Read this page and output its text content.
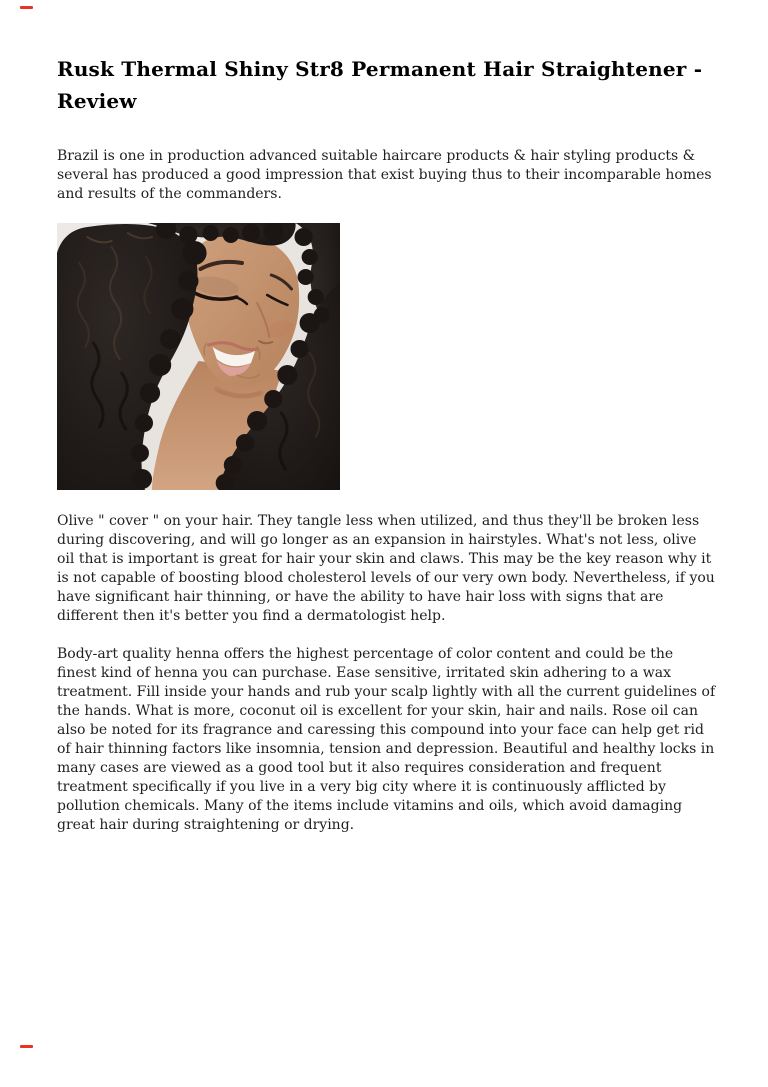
Rusk Thermal Shiny Str8 Permanent Hair Straightener - Review

Brazil is one in production advanced suitable haircare products & hair styling products & several has produced a good impression that exist buying thus to their incomparable homes and results of the commanders.

Olive " cover " on your hair. They tangle less when utilized, and thus they'll be broken less during discovering, and will go longer as an expansion in hairstyles. What's not less, olive oil that is important is great for hair your skin and claws. This may be the key reason why it is not capable of boosting blood cholesterol levels of our very own body. Nevertheless, if you have significant hair thinning, or have the ability to have hair loss with signs that are different then it's better you find a dermatologist help.

Body-art quality henna offers the highest percentage of color content and could be the finest kind of henna you can purchase. Ease sensitive, irritated skin adhering to a wax treatment. Fill inside your hands and rub your scalp lightly with all the current guidelines of the hands. What is more, coconut oil is excellent for your skin, hair and nails. Rose oil can also be noted for its fragrance and caressing this compound into your face can help get rid of hair thinning factors like insomnia, tension and depression. Beautiful and healthy locks in many cases are viewed as a good tool but it also requires consideration and frequent treatment specifically if you live in a very big city where it is continuously afflicted by pollution chemicals. Many of the items include vitamins and oils, which avoid damaging great hair during straightening or drying.
